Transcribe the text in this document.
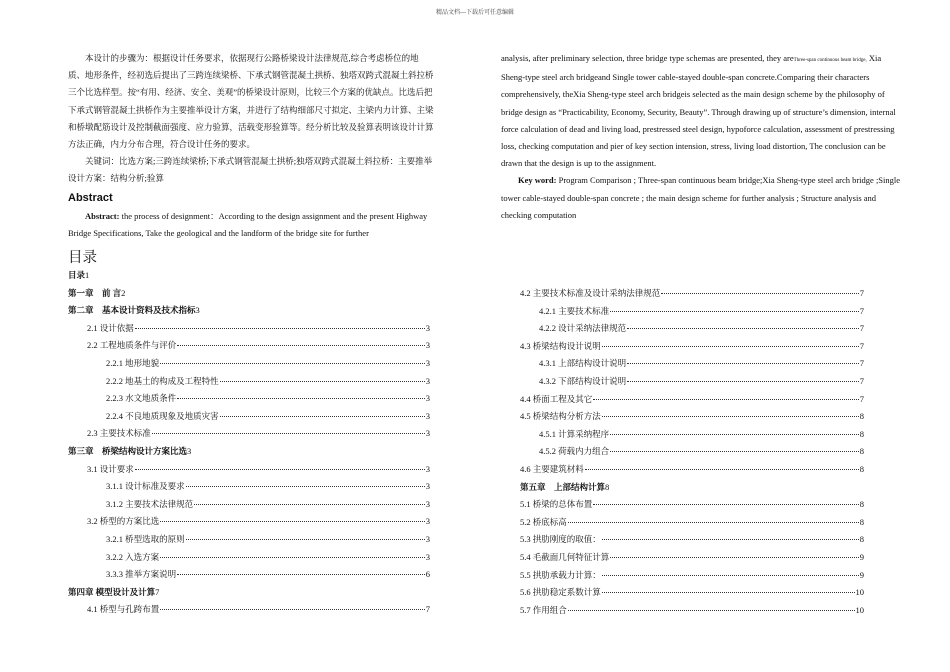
精品文档---下载后可任意编辑

本设计的步骤为：根据设计任务要求，依据现行公路桥梁设计法律规范,综合考虑桥位的地质、地形条件，经初选后提出了三跨连续梁桥、下承式钢管混凝土拱桥、独塔双跨式混凝土斜拉桥三个比选样型。按“有用、经济、安全、美观”的桥梁设计原则，比较三个方案的优缺点。比选后把下承式钢管混凝土拱桥作为主要推举设计方案，并进行了结构细部尺寸拟定、主梁内力计算、主梁和桥墩配筋设计及控制截面强度、应力验算，活载变形验算等。经分析比较及验算表明该设计计算方法正确，内力分布合理，符合设计任务的要求。

关键词：比选方案;三跨连续梁桥;下承式钢管混凝土拱桥;独塔双跨式混凝土斜拉桥：主要推举设计方案：结构分析;验算

Abstract

Abstract: the process of designment：According to the design assignment and the present Highway Bridge Specifications, Take the geological and the landform of the bridge site for further

analysis, after preliminary selection, three bridge type schemas are presented, they areThree-span continuous beam bridge, Xia Sheng-type steel arch bridgeand Single tower cable-stayed double-span concrete.Comparing their characters comprehensively, theXia Sheng-type steel arch bridgeis selected as the main design scheme by the philosophy of bridge design as “Practicability, Economy, Security, Beauty”. Through drawing up of structure’s dimension, internal force calculation of dead and living load, prestressed steel design, hypoforce calculation, assessment of prestressing loss, checking computation and pier of key section intension, stress, living load distortion, The conclusion can be drawn that the design is up to the assignment.

Key word: Program Comparison ; Three-span continuous beam bridge;Xia Sheng-type steel arch bridge ;Single tower cable-stayed double-span concrete ; the main design scheme for further analysis ; Structure analysis and checking computation

目录
目录 1
第一章　前 言 2
第二章　基本设计资料及技术指标 3
2.1 设计依据	3
2.2 工程地质条件与评价	3
2.2.1 地形地貌	3
2.2.2 地基土的构成及工程特性	3
2.2.3 水文地质条件	3
2.2.4 不良地质现象及地质灾害	3
2.3 主要技术标准	3
第三章　桥梁结构设计方案比选 3
3.1 设计要求	3
3.1.1 设计标准及要求	3
3.1.2 主要技术法律规范	3
3.2 桥型的方案比选	3
3.2.1 桥型选取的原则	3
3.2.2 入选方案	3
3.3.3 推举方案说明	6
第四章 模型设计及计算 7
4.1 桥型与孔跨布置	7
4.2 主要技术标准及设计采纳法律规范	7
4.2.1 主要技术标准	7
4.2.2 设计采纳法律规范	7
4.3 桥梁结构设计说明	7
4.3.1 上部结构设计说明	7
4.3.2 下部结构设计说明	7
4.4 桥面工程及其它	7
4.5 桥梁结构分析方法	8
4.5.1 计算采纳程序	8
4.5.2 荷载内力组合	8
4.6 主要建筑材料	8
第五章　上部结构计算 8
5.1 桥梁的总体布置	8
5.2 桥底标高	8
5.3 拱肋刚度的取值：	8
5.4 毛截面几何特征计算	9
5.5 拱肋承载力计算：	9
5.6 拱肋稳定系数计算	10
5.7 作用组合	10
